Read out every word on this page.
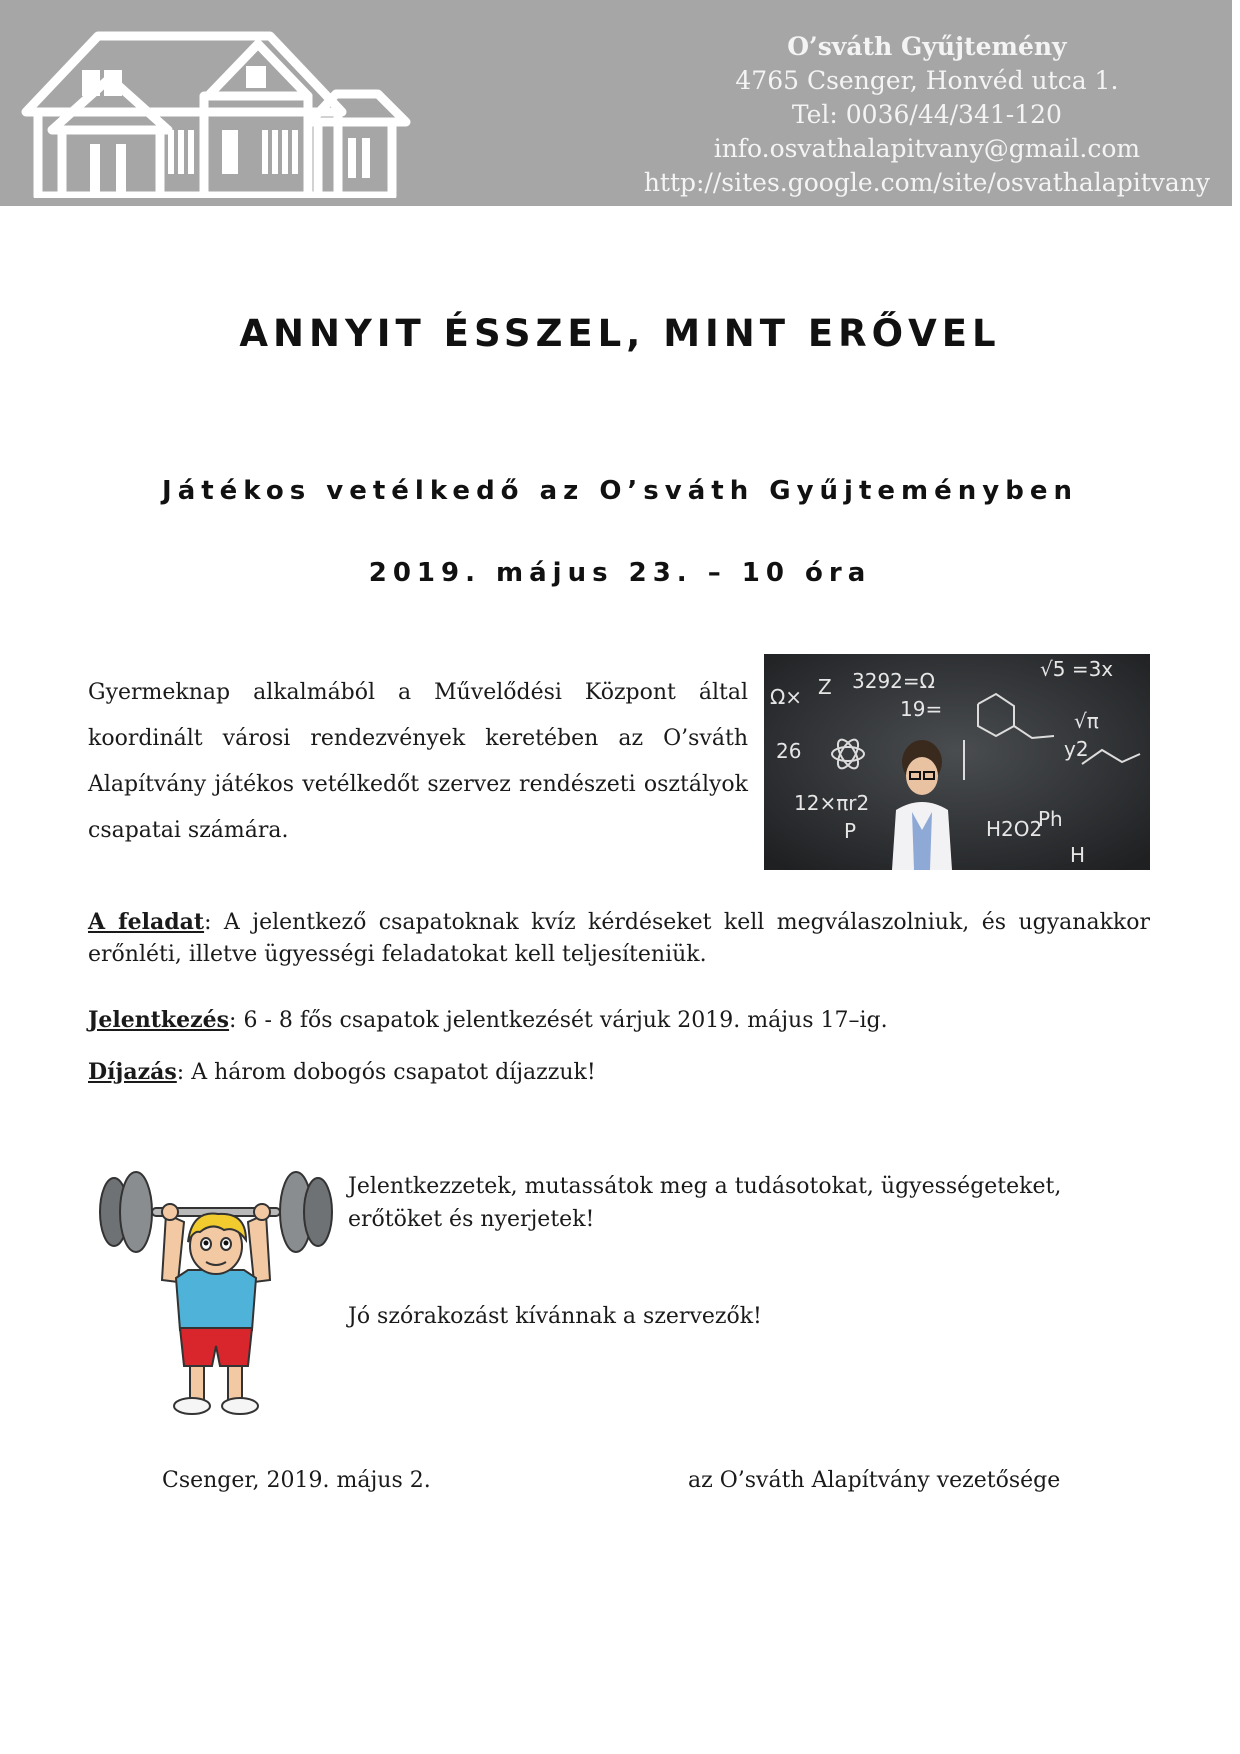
O’sváth Gyűjtemény
4765 Csenger, Honvéd utca 1.
Tel: 0036/44/341-120
info.osvathalapitvany@gmail.com
http://sites.google.com/site/osvathalapitvany
ANNYIT ÉSSZEL, MINT ERŐVEL
Játékos vetélkedő az O’sváth Gyűjteményben
2019. május 23. – 10 óra
Gyermeknap alkalmából a Művelődési Központ által koordinált városi rendezvények keretében az O’sváth Alapítvány játékos vetélkedőt szervez rendészeti osztályok csapatai számára.
Ω× Z 3292=Ω	√5 =3x
19=
26
12×πr2
P	H2O2
Ph
H
y2
√π
A feladat: A jelentkező csapatoknak kvíz kérdéseket kell megválaszolniuk, és ugyanakkor erőnléti, illetve ügyességi feladatokat kell teljesíteniük.
Jelentkezés: 6 - 8 fős csapatok jelentkezését várjuk 2019. május 17–ig.
Díjazás: A három dobogós csapatot díjazzuk!
Jelentkezzetek, mutassátok meg a tudásotokat, ügyességeteket, erőtöket és nyerjetek!
Jó szórakozást kívánnak a szervezők!
Csenger, 2019. május 2.	az O’sváth Alapítvány vezetősége
